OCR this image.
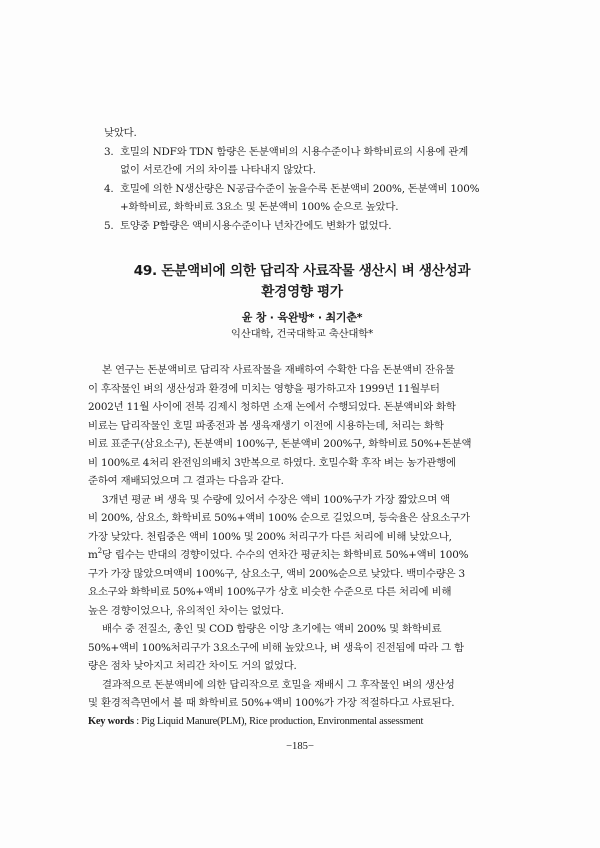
낮았다.
3. 호밀의 NDF와 TDN 함량은 돈분액비의 시용수준이나 화학비료의 시용에 관계
없이 서로간에 거의 차이를 나타내지 않았다.
4. 호밀에 의한 N생산량은 N공급수준이 높을수록 돈분액비 200%, 돈분액비 100%
+화학비료, 화학비료 3요소 및 돈분액비 100% 순으로 높았다.
5. 토양중 P함량은 액비시용수준이나 년차간에도 변화가 없었다.
49. 돈분액비에 의한 답리작 사료작물 생산시 벼 생산성과
환경영향 평가
윤 창 · 육완방* · 최기춘*
익산대학, 건국대학교 축산대학*
본 연구는 돈분액비로 답리작 사료작물을 재배하여 수확한 다음 돈분액비 잔유물
이 후작물인 벼의 생산성과 환경에 미치는 영향을 평가하고자 1999년 11월부터
2002년 11월 사이에 전북 김제시 청하면 소재 논에서 수행되었다. 돈분액비와 화학
비료는 답리작물인 호밀 파종전과 봄 생육재생기 이전에 시용하는데, 처리는 화학
비료 표준구(삼요소구), 돈분액비 100%구, 돈분액비 200%구, 화학비료 50%+돈분액
비 100%로 4처리 완전임의배치 3반복으로 하였다. 호밀수확 후작 벼는 농가관행에
준하여 재배되었으며 그 결과는 다음과 같다.
3개년 평균 벼 생육 및 수량에 있어서 수장은 액비 100%구가 가장 짧았으며 액
비 200%, 삼요소, 화학비료 50%+액비 100% 순으로 길었으며, 등숙율은 삼요소구가
가장 낮았다. 천립중은 액비 100% 및 200% 처리구가 다른 처리에 비해 낮았으나,
$m^2$당 립수는 반대의 경향이었다. 수수의 연차간 평균치는 화학비료 50%+액비 100%
구가 가장 많았으며액비 100%구, 삼요소구, 액비 200%순으로 낮았다. 백미수량은 3
요소구와 화학비료 50%+액비 100%구가 상호 비슷한 수준으로 다른 처리에 비해
높은 경향이었으나, 유의적인 차이는 없었다.
배수 중 전질소, 총인 및 COD 함량은 이앙 초기에는 액비 200% 및 화학비료
50%+액비 100%처리구가 3요소구에 비해 높았으나, 벼 생육이 진전됨에 따라 그 함
량은 점차 낮아지고 처리간 차이도 거의 없었다.
결과적으로 돈분액비에 의한 답리작으로 호밀을 재배시 그 후작물인 벼의 생산성
및 환경적측면에서 볼 때 화학비료 50%+액비 100%가 가장 적절하다고 사료된다.
Key words : Pig Liquid Manure(PLM), Rice production, Environmental assessment
−185−
